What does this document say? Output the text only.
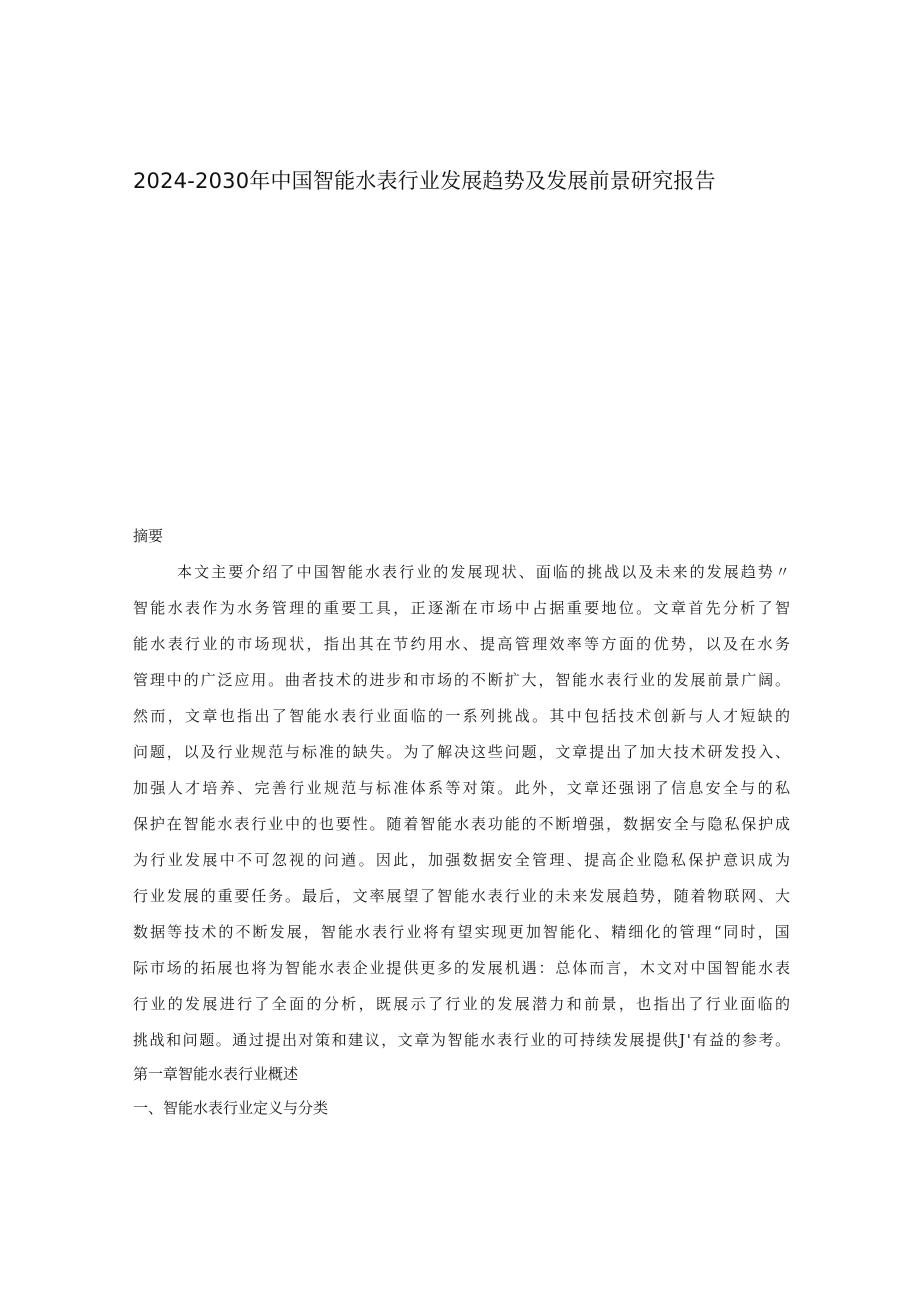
2024-2030年中国智能水表行业发展趋势及发展前景研究报告
摘要

本文主要介绍了中国智能水表行业的发展现状、面临的挑战以及未来的发展趋势〃

智能水表作为水务管理的重要工具，正逐渐在市场中占据重要地位。文章首先分析了智

能水表行业的市场现状，指出其在节约用水、提高管理效率等方面的优势，以及在水务

管理中的广泛应用。曲者技术的进步和市场的不断扩大，智能水表行业的发展前景广阔。

然而，文章也指出了智能水表行业面临的一系列挑战。其中包括技术创新与人才短缺的

问题，以及行业规范与标准的缺失。为了解决这些问题，文章提出了加大技术研发投入、

加强人才培养、完善行业规范与标准体系等对策。此外，文章还强诩了信息安全与的私

保护在智能水表行业中的也要性。随着智能水表功能的不断増强，数据安全与隐私保护成

为行业发展中不可忽视的问遒。因此，加强数据安全管理、提高企业隐私保护意识成为

行业发展的重要任务。最后，文率展望了智能水表行业的未来发展趋势，随着物联网、大

数据等技术的不断发展，智能水表行业将有望实现更加智能化、精细化的管理“同时，国

际市场的拓展也将为智能水表企业提供更多的发展机遇：总体而言，木文对中国智能水表

行业的发展进行了全面的分析，既展示了行业的发展潜力和前景，也指出了行业面临的

挑战和问题。通过提出对策和建议，文章为智能水表行业的可持续发展提供J'有益的参考。

第一章智能水表行业概述
一、智能水表行业定义与分类
